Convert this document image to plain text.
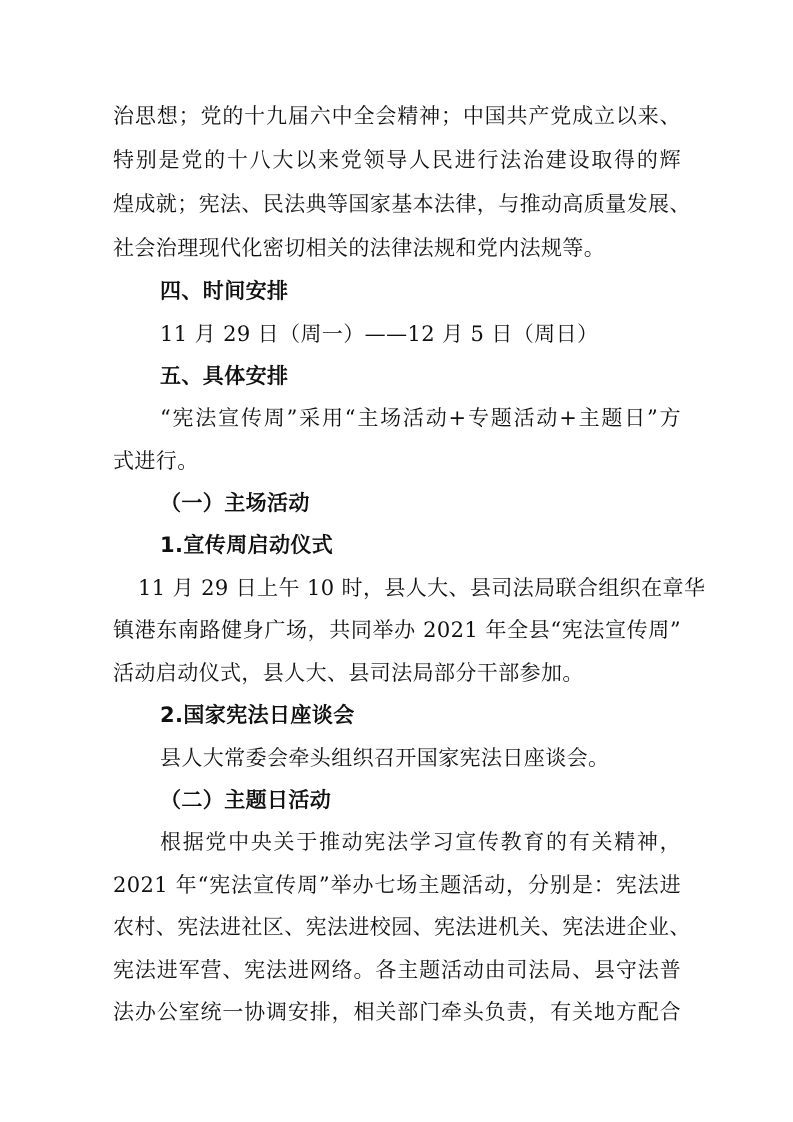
治思想；党的十九届六中全会精神；中国共产党成立以来、
特别是党的十八大以来党领导人民进行法治建设取得的辉
煌成就；宪法、民法典等国家基本法律，与推动高质量发展、
社会治理现代化密切相关的法律法规和党内法规等。
四、时间安排
11 月 29 日（周一）——12 月 5 日（周日）
五、具体安排
“宪法宣传周”采用“主场活动+专题活动+主题日”方
式进行。
（一）主场活动
1.宣传周启动仪式
11 月 29 日上午 10 时，县人大、县司法局联合组织在章华
镇港东南路健身广场，共同举办 2021 年全县“宪法宣传周”
活动启动仪式，县人大、县司法局部分干部参加。
2.国家宪法日座谈会
县人大常委会牵头组织召开国家宪法日座谈会。
（二）主题日活动
根据党中央关于推动宪法学习宣传教育的有关精神，
2021 年“宪法宣传周”举办七场主题活动，分别是：宪法进
农村、宪法进社区、宪法进校园、宪法进机关、宪法进企业、
宪法进军营、宪法进网络。各主题活动由司法局、县守法普
法办公室统一协调安排，相关部门牵头负责，有关地方配合
